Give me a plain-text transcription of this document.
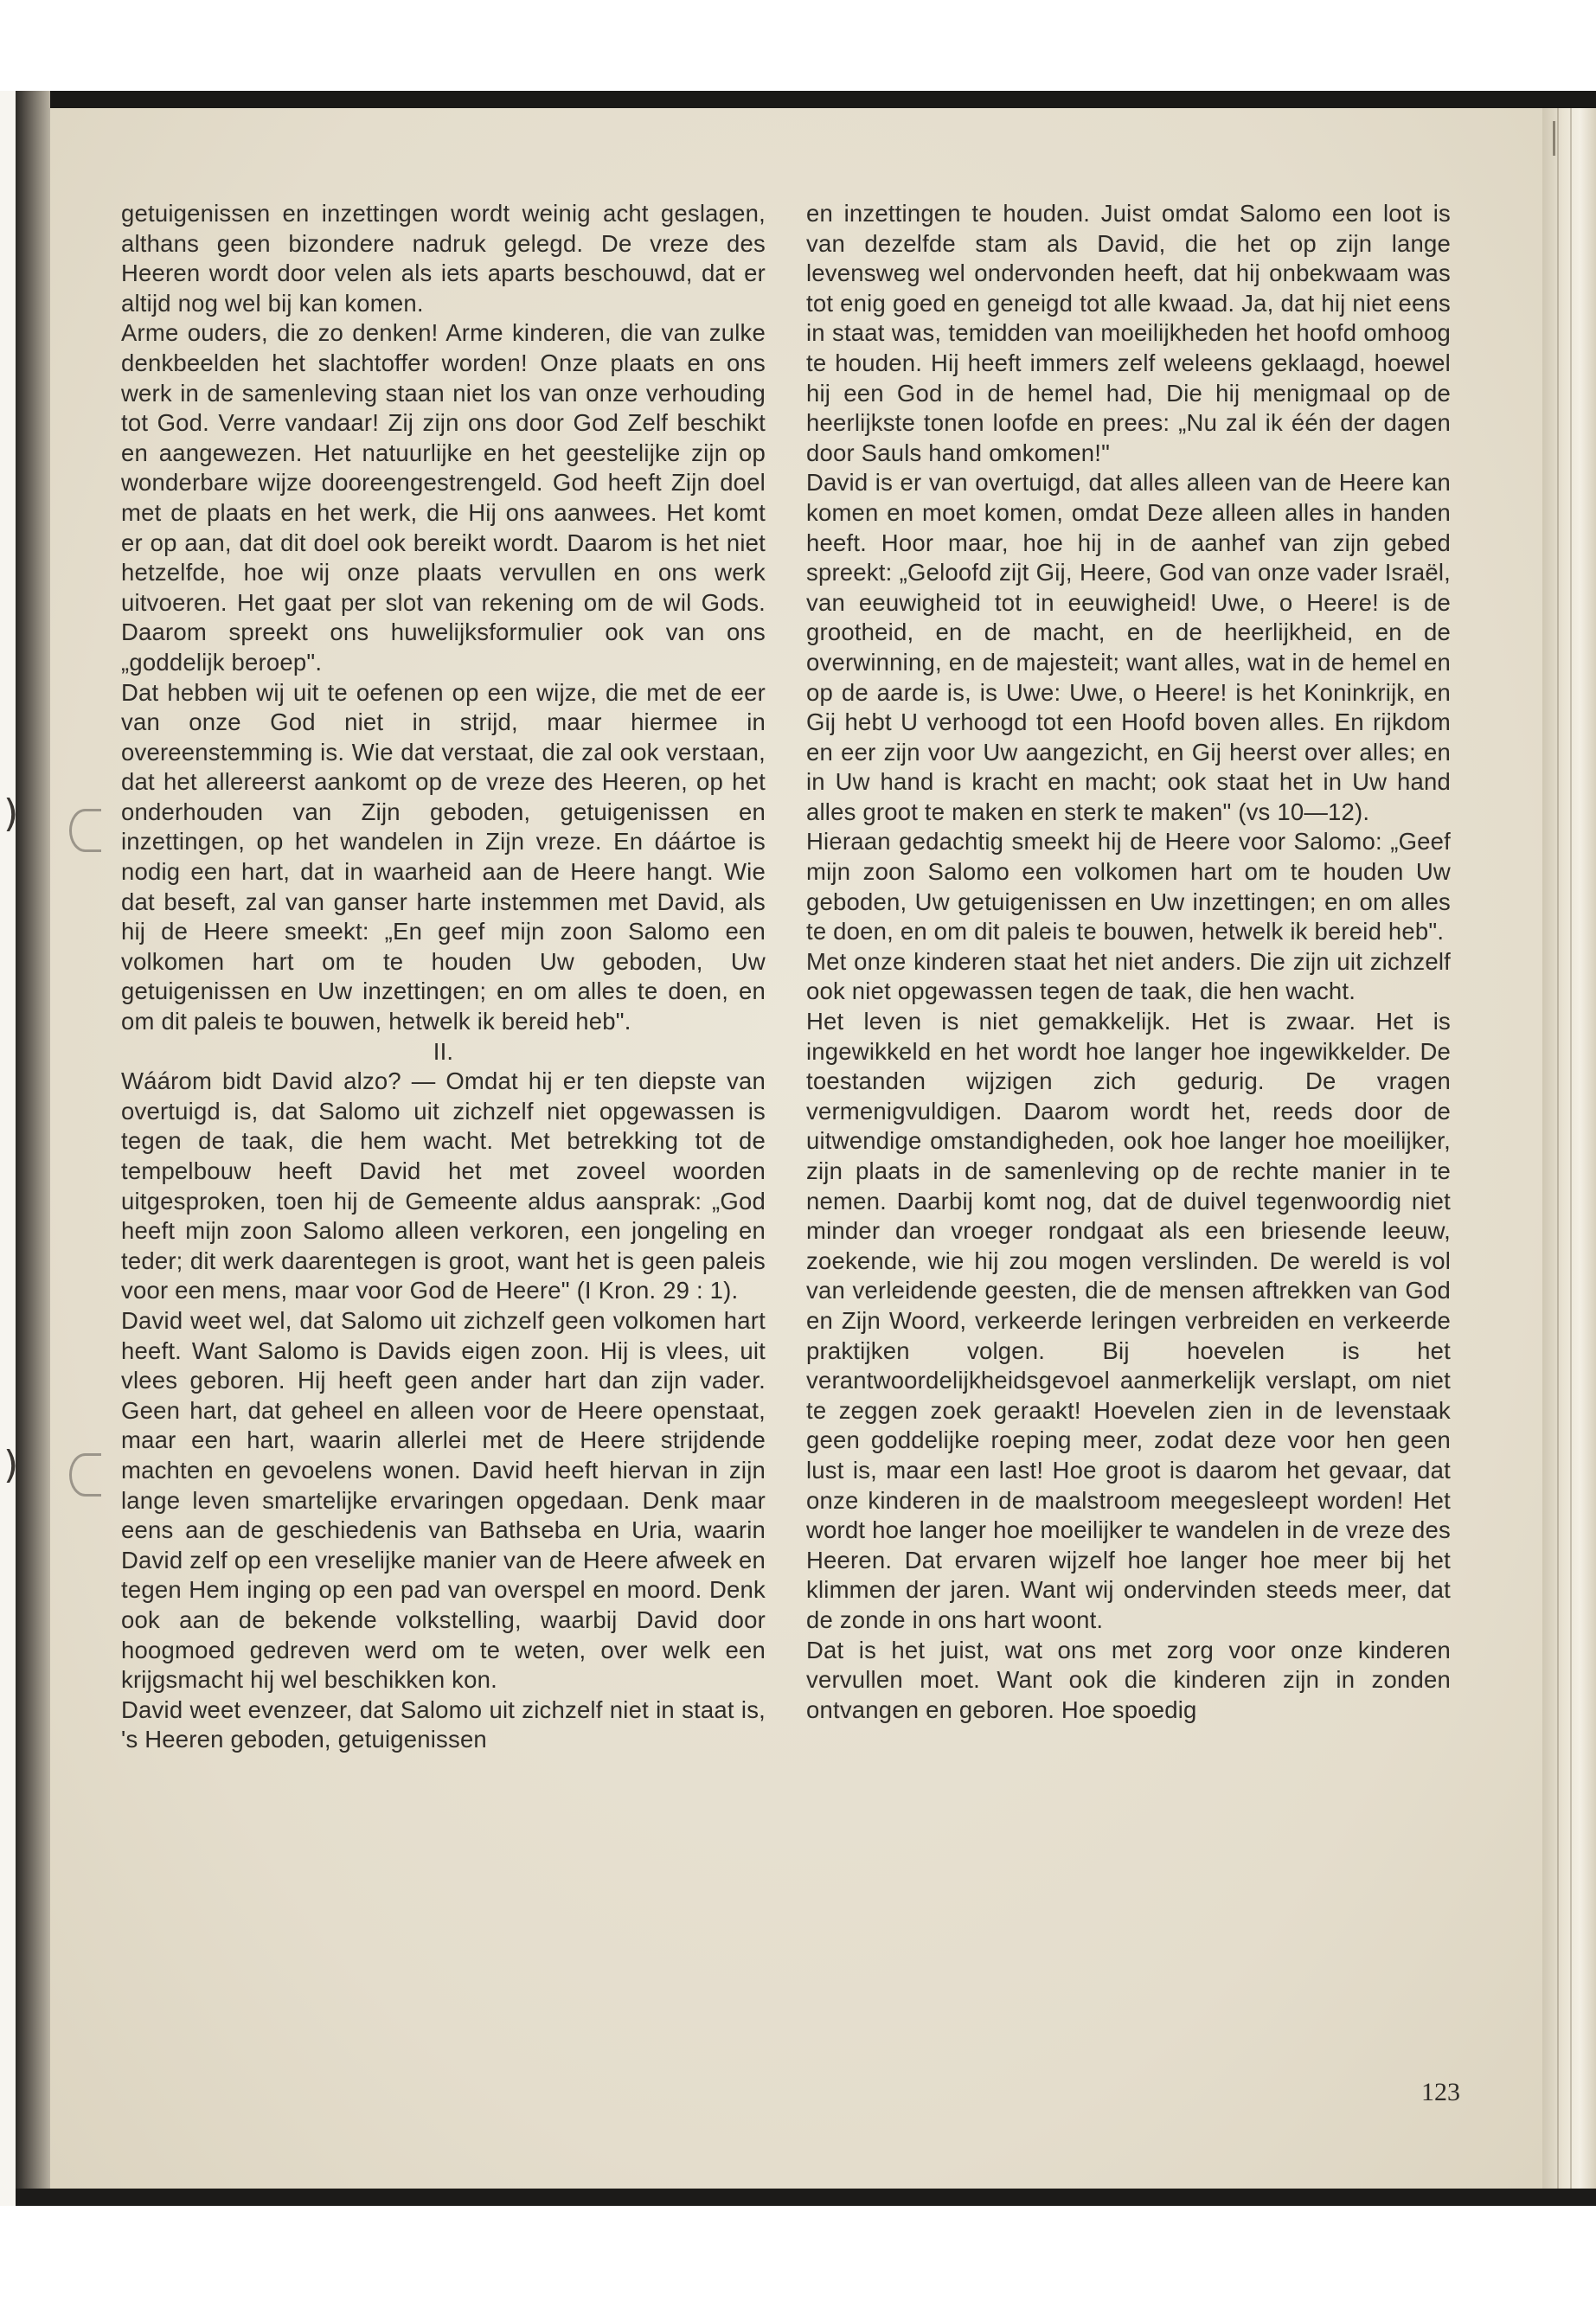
)
)

getuigenissen en inzettingen wordt weinig acht geslagen, althans geen bizondere nadruk gelegd. De vreze des Heeren wordt door velen als iets aparts beschouwd, dat er altijd nog wel bij kan komen.

Arme ouders, die zo denken! Arme kinderen, die van zulke denkbeelden het slachtoffer worden! Onze plaats en ons werk in de samenleving staan niet los van onze verhouding tot God. Verre vandaar! Zij zijn ons door God Zelf beschikt en aangewezen. Het natuurlijke en het geestelijke zijn op wonderbare wijze dooreengestrengeld. God heeft Zijn doel met de plaats en het werk, die Hij ons aanwees. Het komt er op aan, dat dit doel ook bereikt wordt. Daarom is het niet hetzelfde, hoe wij onze plaats vervullen en ons werk uitvoeren. Het gaat per slot van rekening om de wil Gods. Daarom spreekt ons huwelijksformulier ook van ons „goddelijk beroep".

Dat hebben wij uit te oefenen op een wijze, die met de eer van onze God niet in strijd, maar hiermee in overeenstemming is. Wie dat verstaat, die zal ook verstaan, dat het allereerst aankomt op de vreze des Heeren, op het onderhouden van Zijn geboden, getuigenissen en inzettingen, op het wandelen in Zijn vreze. En dáártoe is nodig een hart, dat in waarheid aan de Heere hangt. Wie dat beseft, zal van ganser harte instemmen met David, als hij de Heere smeekt: „En geef mijn zoon Salomo een volkomen hart om te houden Uw geboden, Uw getuigenissen en Uw inzettingen; en om alles te doen, en om dit paleis te bouwen, hetwelk ik bereid heb".

II.

Wáárom bidt David alzo? — Omdat hij er ten diepste van overtuigd is, dat Salomo uit zichzelf niet opgewassen is tegen de taak, die hem wacht. Met betrekking tot de tempelbouw heeft David het met zoveel woorden uitgesproken, toen hij de Gemeente aldus aansprak: „God heeft mijn zoon Salomo alleen verkoren, een jongeling en teder; dit werk daarentegen is groot, want het is geen paleis voor een mens, maar voor God de Heere" (I Kron. 29 : 1).

David weet wel, dat Salomo uit zichzelf geen volkomen hart heeft. Want Salomo is Davids eigen zoon. Hij is vlees, uit vlees geboren. Hij heeft geen ander hart dan zijn vader. Geen hart, dat geheel en alleen voor de Heere openstaat, maar een hart, waarin allerlei met de Heere strijdende machten en gevoelens wonen. David heeft hiervan in zijn lange leven smartelijke ervaringen opgedaan. Denk maar eens aan de geschiedenis van Bathseba en Uria, waarin David zelf op een vreselijke manier van de Heere afweek en tegen Hem inging op een pad van overspel en moord. Denk ook aan de bekende volkstelling, waarbij David door hoogmoed gedreven werd om te weten, over welk een krijgsmacht hij wel beschikken kon.

David weet evenzeer, dat Salomo uit zichzelf niet in staat is, 's Heeren geboden, getuigenissen

en inzettingen te houden. Juist omdat Salomo een loot is van dezelfde stam als David, die het op zijn lange levensweg wel ondervonden heeft, dat hij onbekwaam was tot enig goed en geneigd tot alle kwaad. Ja, dat hij niet eens in staat was, temidden van moeilijkheden het hoofd omhoog te houden. Hij heeft immers zelf weleens geklaagd, hoewel hij een God in de hemel had, Die hij menigmaal op de heerlijkste tonen loofde en prees: „Nu zal ik één der dagen door Sauls hand omkomen!"

David is er van overtuigd, dat alles alleen van de Heere kan komen en moet komen, omdat Deze alleen alles in handen heeft. Hoor maar, hoe hij in de aanhef van zijn gebed spreekt: „Geloofd zijt Gij, Heere, God van onze vader Israël, van eeuwigheid tot in eeuwigheid! Uwe, o Heere! is de grootheid, en de macht, en de heerlijkheid, en de overwinning, en de majesteit; want alles, wat in de hemel en op de aarde is, is Uwe: Uwe, o Heere! is het Koninkrijk, en Gij hebt U verhoogd tot een Hoofd boven alles. En rijkdom en eer zijn voor Uw aangezicht, en Gij heerst over alles; en in Uw hand is kracht en macht; ook staat het in Uw hand alles groot te maken en sterk te maken" (vs 10—12).

Hieraan gedachtig smeekt hij de Heere voor Salomo: „Geef mijn zoon Salomo een volkomen hart om te houden Uw geboden, Uw getuigenissen en Uw inzettingen; en om alles te doen, en om dit paleis te bouwen, hetwelk ik bereid heb".

Met onze kinderen staat het niet anders. Die zijn uit zichzelf ook niet opgewassen tegen de taak, die hen wacht.

Het leven is niet gemakkelijk. Het is zwaar. Het is ingewikkeld en het wordt hoe langer hoe ingewikkelder. De toestanden wijzigen zich gedurig. De vragen vermenigvuldigen. Daarom wordt het, reeds door de uitwendige omstandigheden, ook hoe langer hoe moeilijker, zijn plaats in de samenleving op de rechte manier in te nemen. Daarbij komt nog, dat de duivel tegenwoordig niet minder dan vroeger rondgaat als een briesende leeuw, zoekende, wie hij zou mogen verslinden. De wereld is vol van verleidende geesten, die de mensen aftrekken van God en Zijn Woord, verkeerde leringen verbreiden en verkeerde praktijken volgen. Bij hoevelen is het verantwoordelijkheidsgevoel aanmerkelijk verslapt, om niet te zeggen zoek geraakt! Hoevelen zien in de levenstaak geen goddelijke roeping meer, zodat deze voor hen geen lust is, maar een last! Hoe groot is daarom het gevaar, dat onze kinderen in de maalstroom meegesleept worden! Het wordt hoe langer hoe moeilijker te wandelen in de vreze des Heeren. Dat ervaren wijzelf hoe langer hoe meer bij het klimmen der jaren. Want wij ondervinden steeds meer, dat de zonde in ons hart woont.

Dat is het juist, wat ons met zorg voor onze kinderen vervullen moet. Want ook die kinderen zijn in zonden ontvangen en geboren. Hoe spoedig

123
